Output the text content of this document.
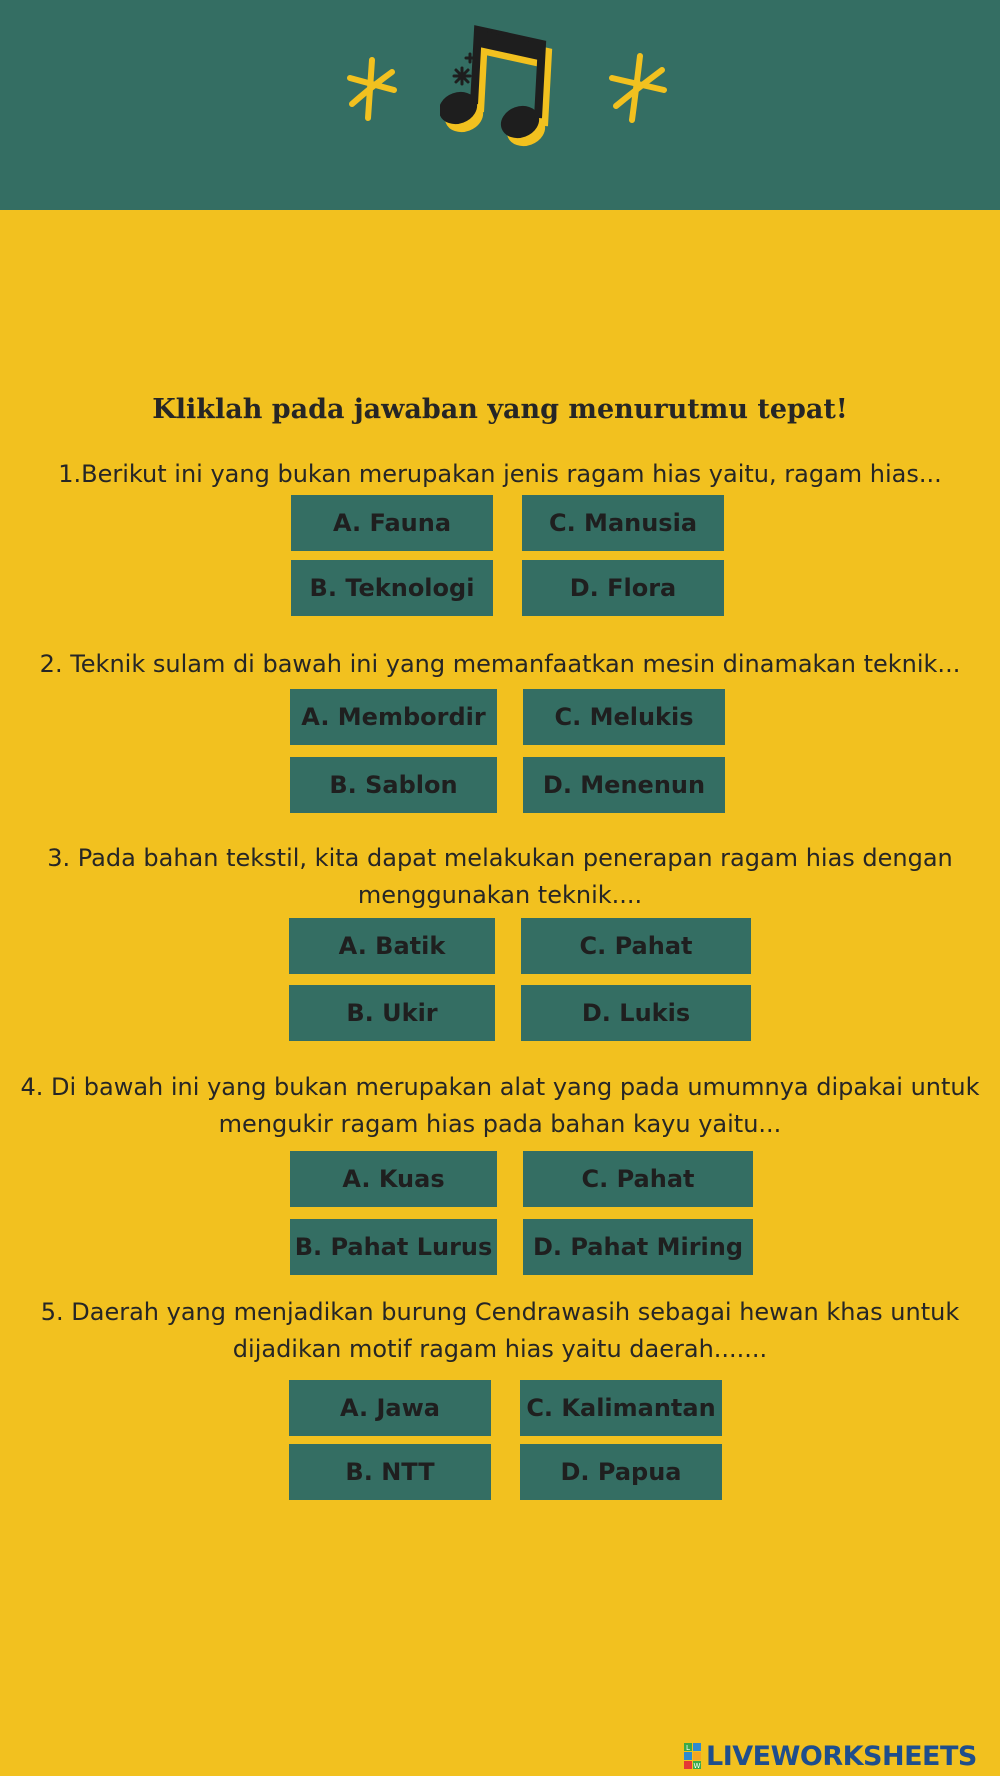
Kliklah pada jawaban yang menurutmu tepat!
1.Berikut ini yang bukan merupakan jenis ragam hias yaitu, ragam hias...
A. Fauna	C. Manusia
B. Teknologi	D. Flora
2. Teknik sulam di bawah ini yang memanfaatkan mesin dinamakan teknik...
A. Membordir	C. Melukis
B. Sablon	D. Menenun
3. Pada bahan tekstil, kita dapat melakukan penerapan ragam hias dengan
menggunakan teknik....
A. Batik	C. Pahat
B. Ukir	D. Lukis
4. Di bawah ini yang bukan merupakan alat yang pada umumnya dipakai untuk
mengukir ragam hias pada bahan kayu yaitu...
A. Kuas	C. Pahat
B. Pahat Lurus	D. Pahat Miring
5. Daerah yang menjadikan burung Cendrawasih sebagai hewan khas untuk
dijadikan motif ragam hias yaitu daerah.......
A. Jawa	C. Kalimantan
B. NTT	D. Papua
L
W LIVEWORKSHEETS
